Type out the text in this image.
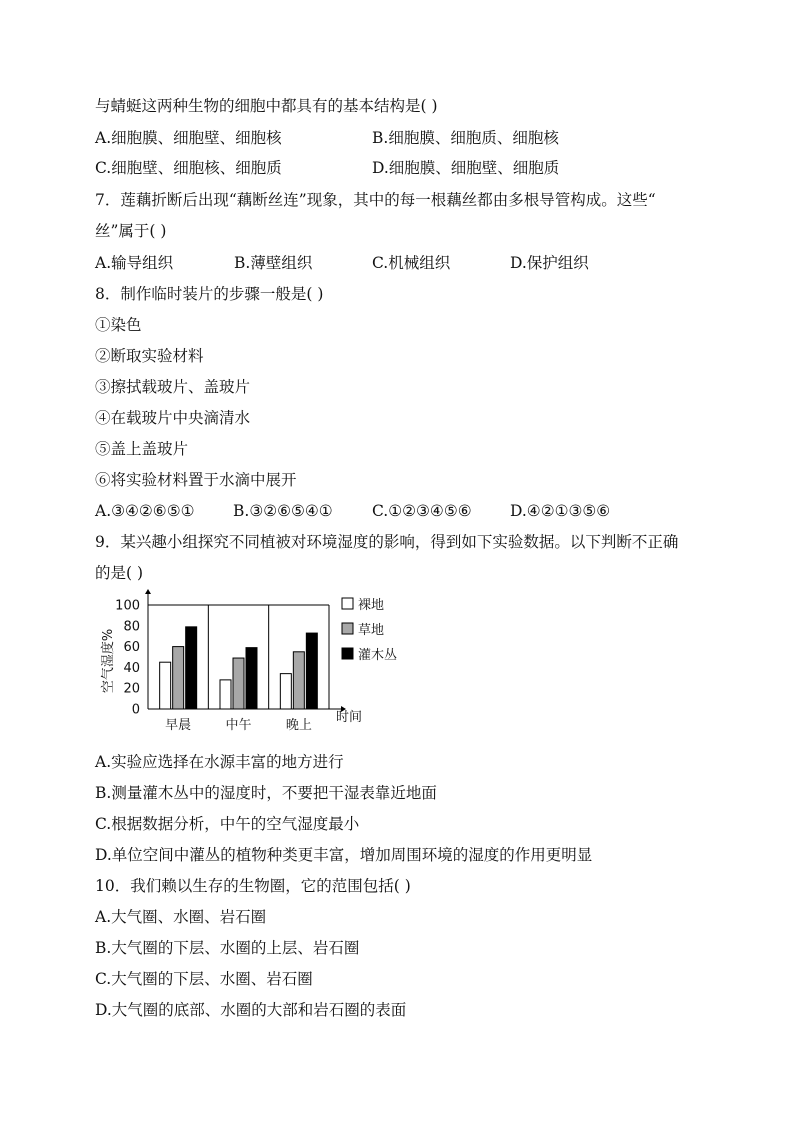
与蜻蜓这两种生物的细胞中都具有的基本结构是( )
A.细胞膜、细胞壁、细胞核	B.细胞膜、细胞质、细胞核
C.细胞壁、细胞核、细胞质	D.细胞膜、细胞壁、细胞质
7．莲藕折断后出现“藕断丝连”现象，其中的每一根藕丝都由多根导管构成。这些“
丝”属于( )
A.输导组织	B.薄壁组织	C.机械组织	D.保护组织
8．制作临时装片的步骤一般是( )
①染色
②断取实验材料
③擦拭载玻片、盖玻片
④在载玻片中央滴清水
⑤盖上盖玻片
⑥将实验材料置于水滴中展开
A.③④②⑥⑤① B.③②⑥⑤④①	C.①②③④⑤⑥ D.④②①③⑤⑥
9．某兴趣小组探究不同植被对环境湿度的影响，得到如下实验数据。以下判断不正确
的是( )
0
20
40
60
80
100
早晨	中午	晚上
时间
空气湿度%
裸地
草地
灌木丛
A.实验应选择在水源丰富的地方进行
B.测量灌木丛中的湿度时，不要把干湿表靠近地面
C.根据数据分析，中午的空气湿度最小
D.单位空间中灌丛的植物种类更丰富，增加周围环境的湿度的作用更明显
10．我们赖以生存的生物圈，它的范围包括( )
A.大气圈、水圈、岩石圈
B.大气圈的下层、水圈的上层、岩石圈
C.大气圈的下层、水圈、岩石圈
D.大气圈的底部、水圈的大部和岩石圈的表面
